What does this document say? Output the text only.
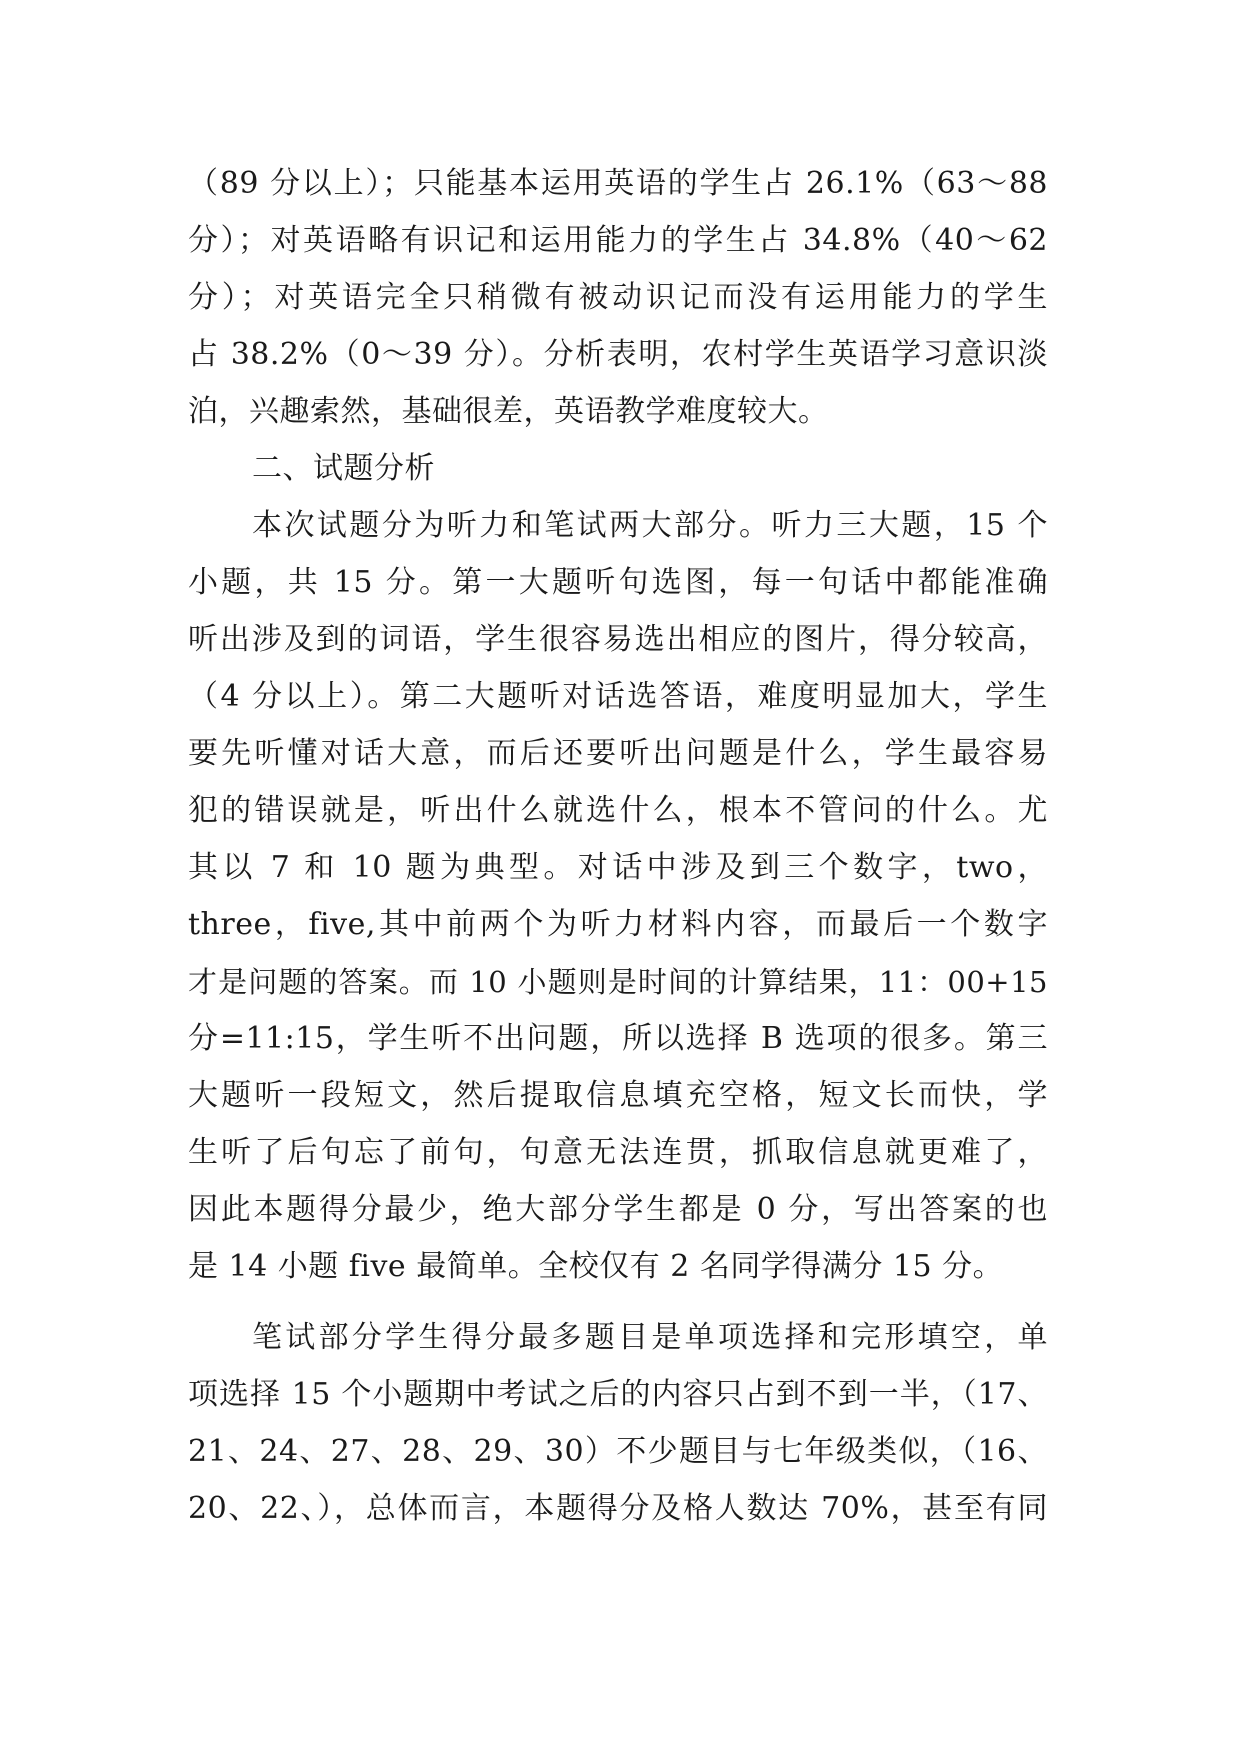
（89 分以上）；只能基本运用英语的学生占 26.1%（63～88
分）；对英语略有识记和运用能力的学生占 34.8%（40～62
分）；对英语完全只稍微有被动识记而没有运用能力的学生
占 38.2%（0～39 分）。分析表明，农村学生英语学习意识淡
泊，兴趣索然，基础很差，英语教学难度较大。
二、试题分析
本次试题分为听力和笔试两大部分。听力三大题，15 个
小题，共 15 分。第一大题听句选图，每一句话中都能准确
听出涉及到的词语，学生很容易选出相应的图片，得分较高，
（4 分以上）。第二大题听对话选答语，难度明显加大，学生
要先听懂对话大意，而后还要听出问题是什么，学生最容易
犯的错误就是，听出什么就选什么，根本不管问的什么。尤
其以 7 和 10 题为典型。对话中涉及到三个数字，two，
three，five,其中前两个为听力材料内容，而最后一个数字
才是问题的答案。而 10 小题则是时间的计算结果，11：00+15
分=11:15，学生听不出问题，所以选择 B 选项的很多。第三
大题听一段短文，然后提取信息填充空格，短文长而快，学
生听了后句忘了前句，句意无法连贯，抓取信息就更难了，
因此本题得分最少，绝大部分学生都是 0 分，写出答案的也
是 14 小题 five 最简单。全校仅有 2 名同学得满分 15 分。
笔试部分学生得分最多题目是单项选择和完形填空，单
项选择 15 个小题期中考试之后的内容只占到不到一半，（17、
21、24、27、28、29、30）不少题目与七年级类似，（16、
20、22、），总体而言，本题得分及格人数达 70%，甚至有同
